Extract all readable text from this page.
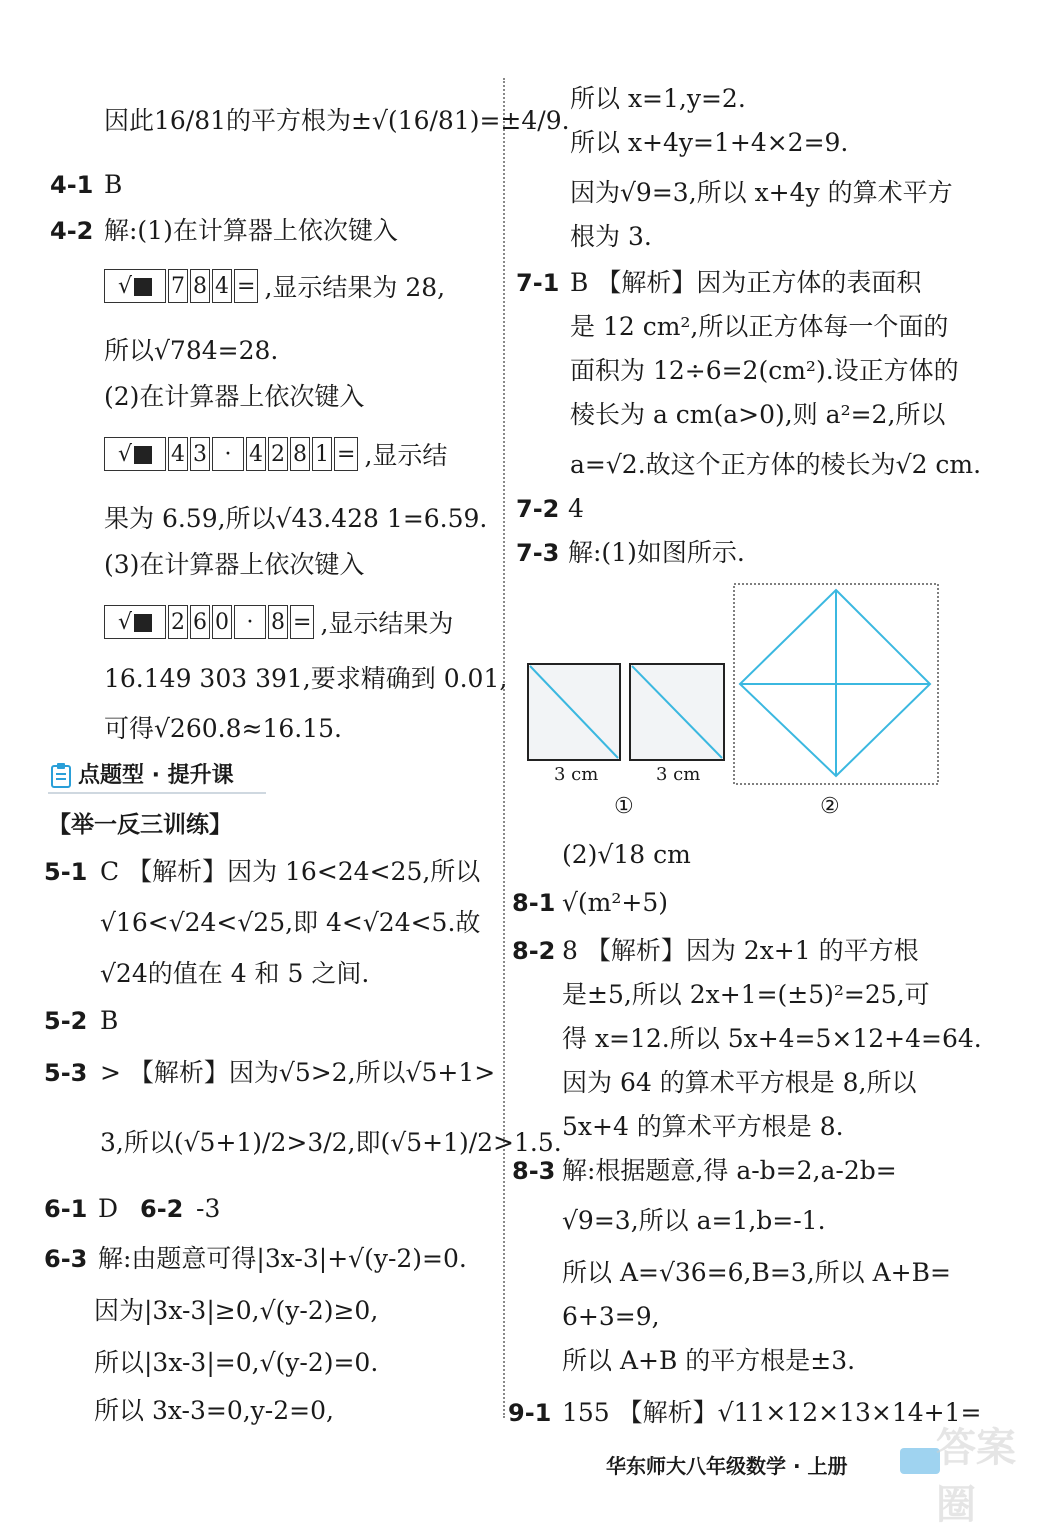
因此16/81的平方根为±√(16/81)=±4/9.
4-1 B
4-2 解:(1)在计算器上依次键入
√	7 8 4 = ,显示结果为 28,
所以√784=28.
(2)在计算器上依次键入
√	4 3 · 4 2 8 1 = ,显示结
果为 6.59,所以√43.428 1=6.59.
(3)在计算器上依次键入
√	2 6 0 · 8 = ,显示结果为
16.149 303 391,要求精确到 0.01,
可得√260.8≈16.15.
点题型 · 提升课
【举一反三训练】
5-1 C 【解析】因为 16<24<25,所以
√16<√24<√25,即 4<√24<5.故
√24的值在 4 和 5 之间.
5-2 B
5-3 > 【解析】因为√5>2,所以√5+1>
3,所以(√5+1)/2>3/2,即(√5+1)/2>1.5.
6-1 D 6-2 -3
6-3 解:由题意可得|3x-3|+√(y-2)=0.
因为|3x-3|≥0,√(y-2)≥0,
所以|3x-3|=0,√(y-2)=0.
所以 3x-3=0,y-2=0,
所以 x=1,y=2.
所以 x+4y=1+4×2=9.
因为√9=3,所以 x+4y 的算术平方
根为 3.
7-1 B 【解析】因为正方体的表面积
是 12 cm²,所以正方体每一个面的
面积为 12÷6=2(cm²).设正方体的
棱长为 a cm(a>0),则 a²=2,所以
a=√2.故这个正方体的棱长为√2 cm.
7-2 4
7-3 解:(1)如图所示.
3 cm	3 cm
①	②
(2)√18 cm
8-1 √(m²+5)
8-2 8 【解析】因为 2x+1 的平方根
是±5,所以 2x+1=(±5)²=25,可
得 x=12.所以 5x+4=5×12+4=64.
因为 64 的算术平方根是 8,所以
5x+4 的算术平方根是 8.
8-3 解:根据题意,得 a-b=2,a-2b=
√9=3,所以 a=1,b=-1.
所以 A=√36=6,B=3,所以 A+B=
6+3=9,
所以 A+B 的平方根是±3.
9-1 155 【解析】√11×12×13×14+1=
华东师大八年级数学 · 上册 答案圈
